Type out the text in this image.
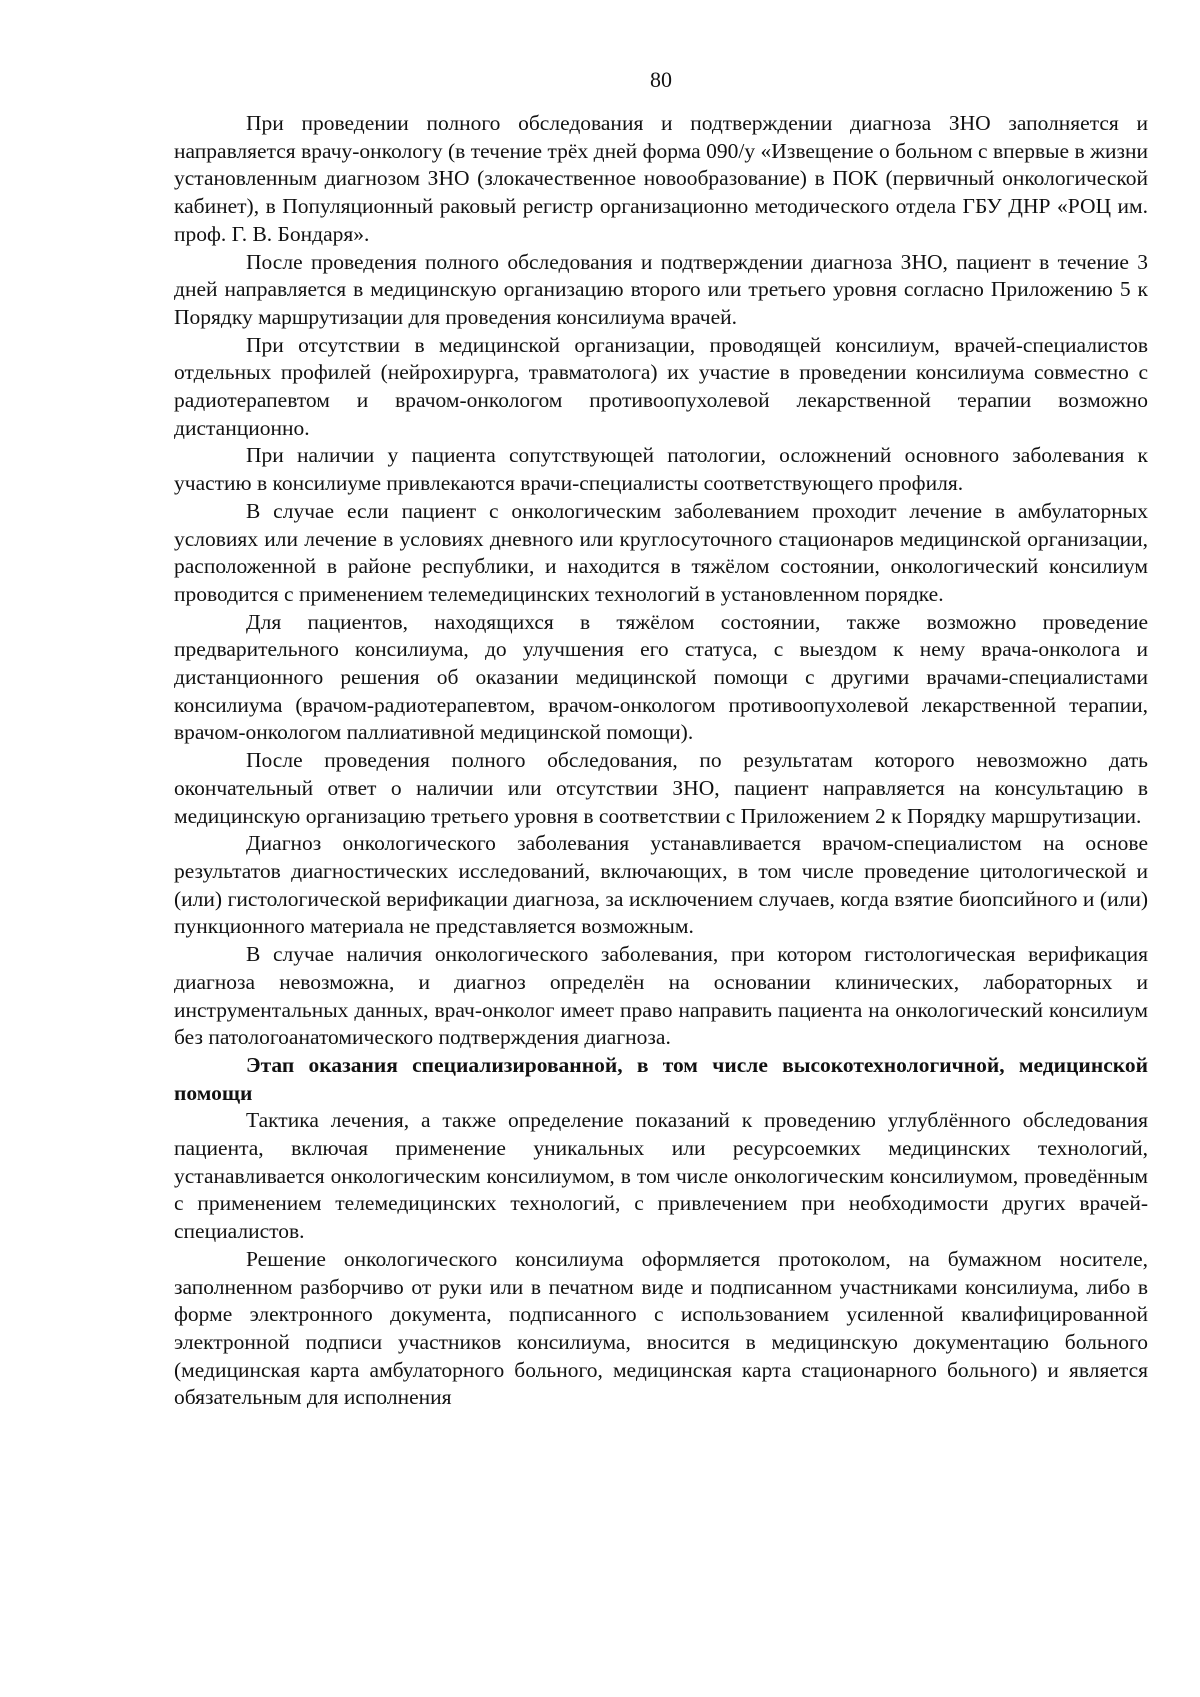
80

При проведении полного обследования и подтверждении диагноза ЗНО заполняется и направляется врачу-онкологу (в течение трёх дней форма 090/у «Извещение о больном с впервые в жизни установленным диагнозом ЗНО (злокачественное новообразование) в ПОК (первичный онкологической кабинет), в Популяционный раковый регистр организационно методического отдела ГБУ ДНР «РОЦ им. проф. Г. В. Бондаря».

После проведения полного обследования и подтверждении диагноза ЗНО, пациент в течение 3 дней направляется в медицинскую организацию второго или третьего уровня согласно Приложению 5 к Порядку маршрутизации для проведения консилиума врачей.

При отсутствии в медицинской организации, проводящей консилиум, врачей-специалистов отдельных профилей (нейрохирурга, травматолога) их участие в проведении консилиума совместно с радиотерапевтом и врачом-онкологом противоопухолевой лекарственной терапии возможно дистанционно.

При наличии у пациента сопутствующей патологии, осложнений основного заболевания к участию в консилиуме привлекаются врачи-специалисты соответствующего профиля.

В случае если пациент с онкологическим заболеванием проходит лечение в амбулаторных условиях или лечение в условиях дневного или круглосуточного стационаров медицинской организации, расположенной в районе республики, и находится в тяжёлом состоянии, онкологический консилиум проводится с применением телемедицинских технологий в установленном порядке.

Для пациентов, находящихся в тяжёлом состоянии, также возможно проведение предварительного консилиума, до улучшения его статуса, с выездом к нему врача-онколога и дистанционного решения об оказании медицинской помощи с другими врачами-специалистами консилиума (врачом-радиотерапевтом, врачом-онкологом противоопухолевой лекарственной терапии, врачом-онкологом паллиативной медицинской помощи).

После проведения полного обследования, по результатам которого невозможно дать окончательный ответ о наличии или отсутствии ЗНО, пациент направляется на консультацию в медицинскую организацию третьего уровня в соответствии с Приложением 2 к Порядку маршрутизации.

Диагноз онкологического заболевания устанавливается врачом-специалистом на основе результатов диагностических исследований, включающих, в том числе проведение цитологической и (или) гистологической верификации диагноза, за исключением случаев, когда взятие биопсийного и (или) пункционного материала не представляется возможным.

В случае наличия онкологического заболевания, при котором гистологическая верификация диагноза невозможна, и диагноз определён на основании клинических, лабораторных и инструментальных данных, врач-онколог имеет право направить пациента на онкологический консилиум без патологоанатомического подтверждения диагноза.

Этап оказания специализированной, в том числе высокотехнологичной, медицинской помощи

Тактика лечения, а также определение показаний к проведению углублённого обследования пациента, включая применение уникальных или ресурсоемких медицинских технологий, устанавливается онкологическим консилиумом, в том числе онкологическим консилиумом, проведённым с применением телемедицинских технологий, с привлечением при необходимости других врачей-специалистов.

Решение онкологического консилиума оформляется протоколом, на бумажном носителе, заполненном разборчиво от руки или в печатном виде и подписанном участниками консилиума, либо в форме электронного документа, подписанного с использованием усиленной квалифицированной электронной подписи участников консилиума, вносится в медицинскую документацию больного (медицинская карта амбулаторного больного, медицинская карта стационарного больного) и является обязательным для исполнения
